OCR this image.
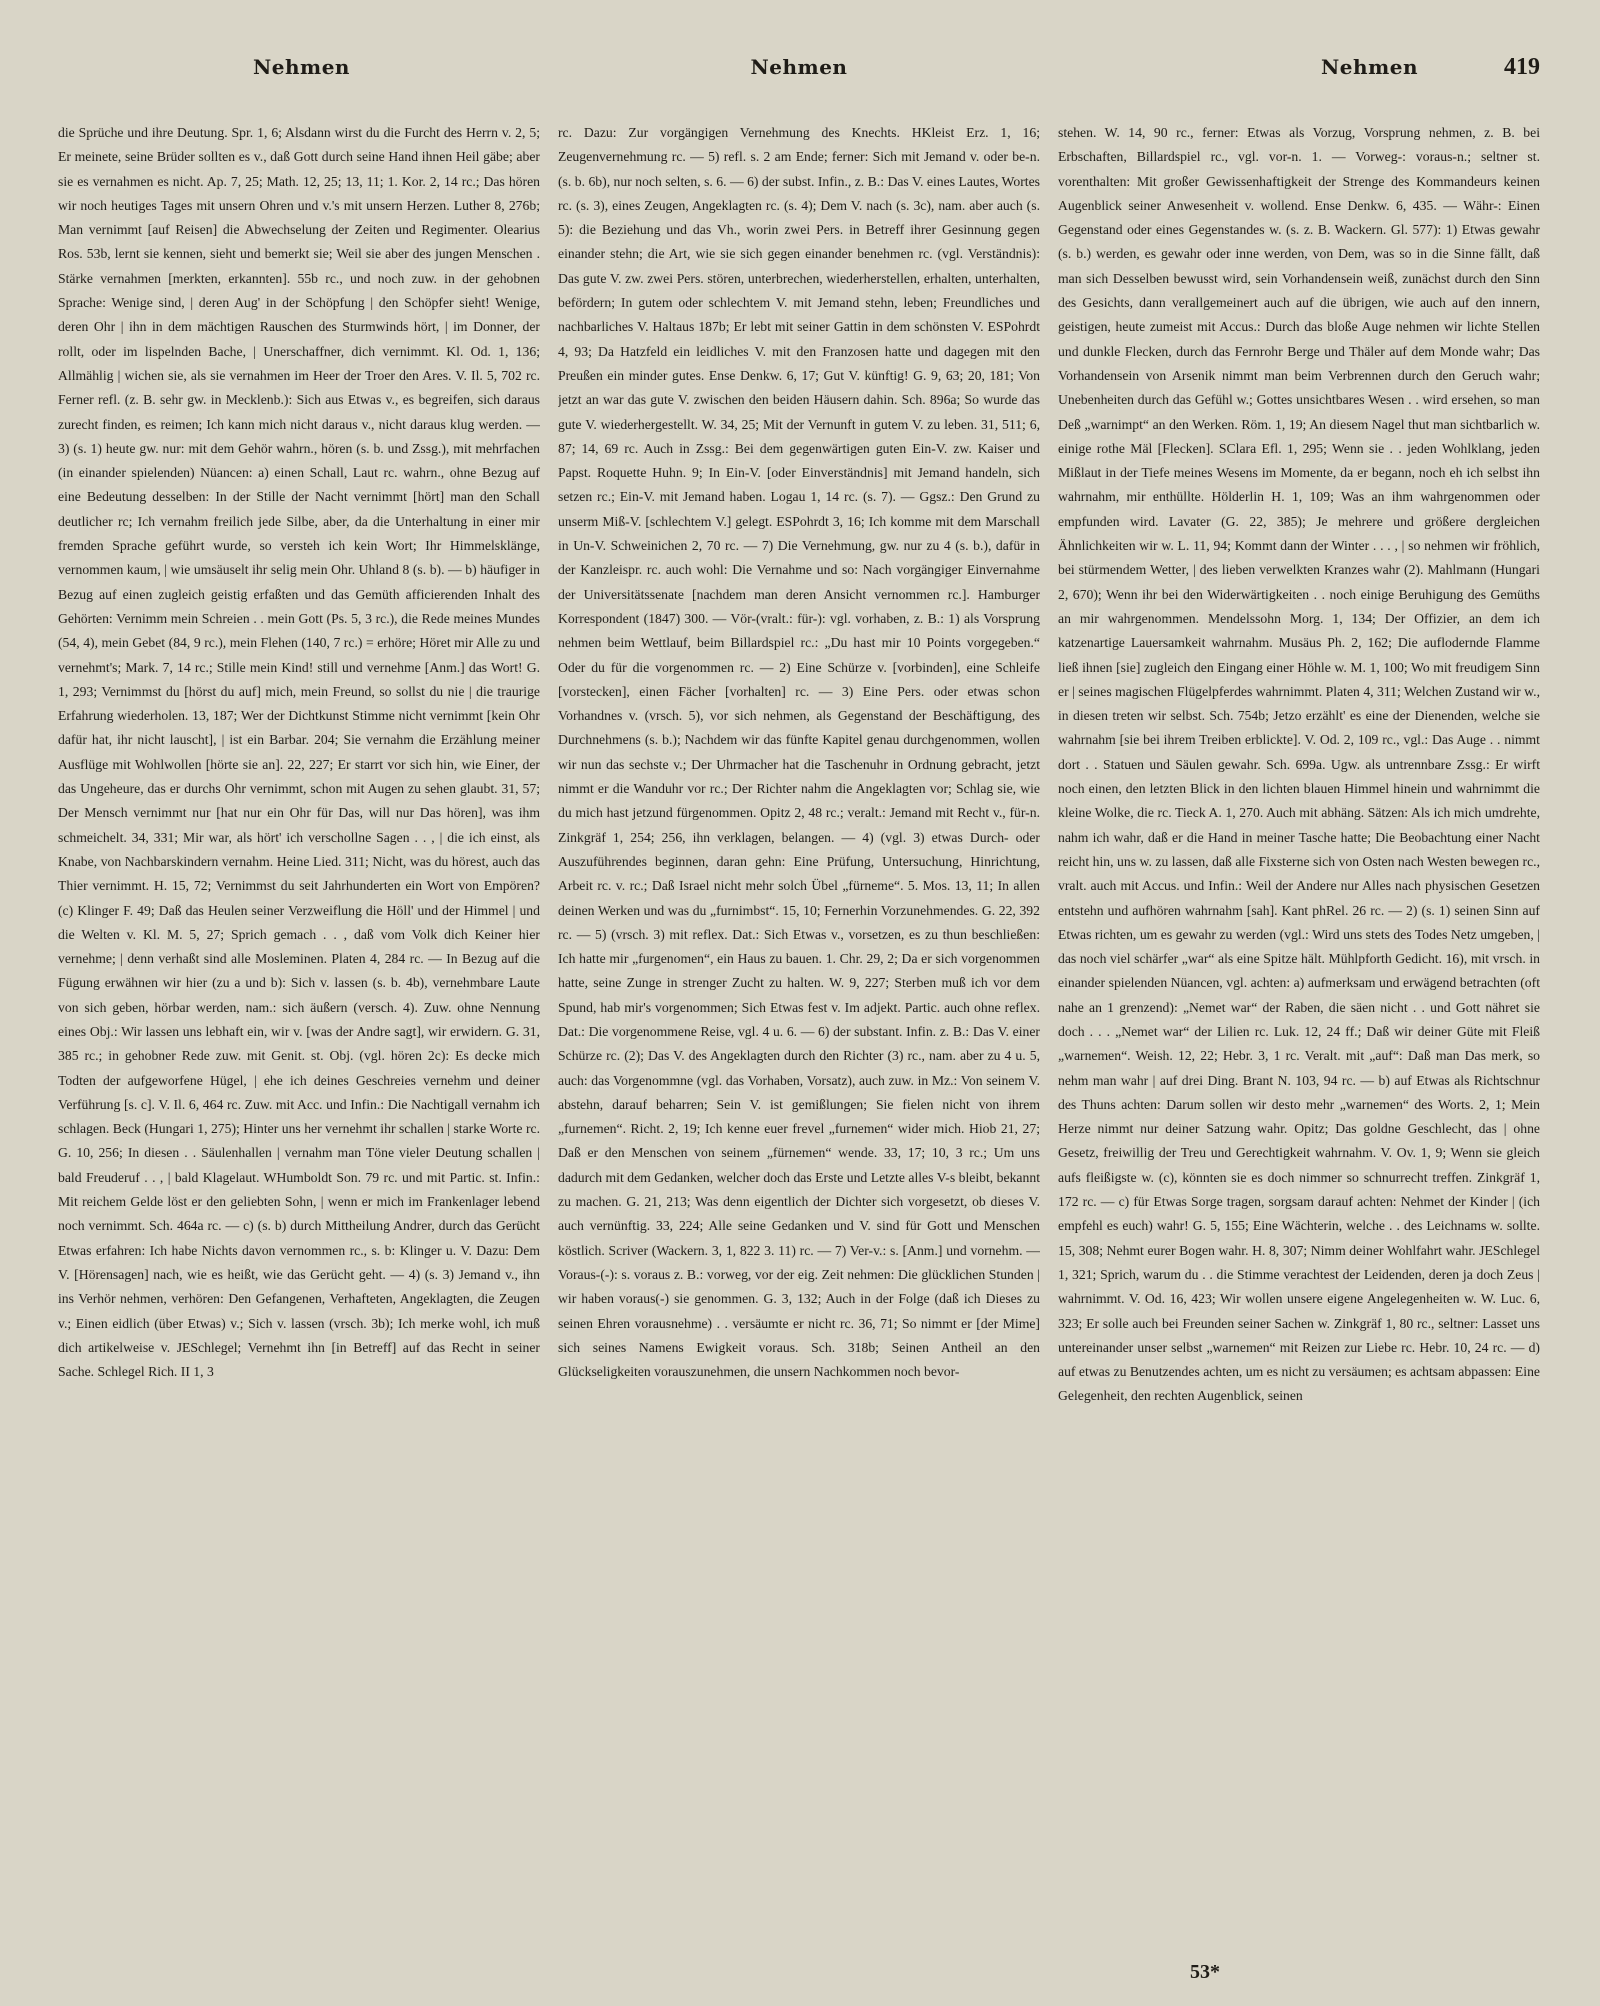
Nehmen	Nehmen	Nehmen	419

die Sprüche und ihre Deutung. Spr. 1, 6; Alsdann wirst du die Furcht des Herrn v. 2, 5; Er meinete, seine Brüder sollten es v., daß Gott durch seine Hand ihnen Heil gäbe; aber sie es vernahmen es nicht. Ap. 7, 25; Math. 12, 25; 13, 11; 1. Kor. 2, 14 rc.; Das hören wir noch heutiges Tages mit unsern Ohren und v.'s mit unsern Herzen. Luther 8, 276b; Man vernimmt [auf Reisen] die Abwechselung der Zeiten und Regimenter. Olearius Ros. 53b, lernt sie kennen, sieht und bemerkt sie; Weil sie aber des jungen Menschen . Stärke vernahmen [merkten, erkannten]. 55b rc., und noch zuw. in der gehobnen Sprache: Wenige sind, | deren Aug' in der Schöpfung | den Schöpfer sieht! Wenige, deren Ohr | ihn in dem mächtigen Rauschen des Sturmwinds hört, | im Donner, der rollt, oder im lispelnden Bache, | Unerschaffner, dich vernimmt. Kl. Od. 1, 136; Allmählig | wichen sie, als sie vernahmen im Heer der Troer den Ares. V. Il. 5, 702 rc. Ferner refl. (z. B. sehr gw. in Mecklenb.): Sich aus Etwas v., es begreifen, sich daraus zurecht finden, es reimen; Ich kann mich nicht daraus v., nicht daraus klug werden. — 3) (s. 1) heute gw. nur: mit dem Gehör wahrn., hören (s. b. und Zssg.), mit mehrfachen (in einander spielenden) Nüancen: a) einen Schall, Laut rc. wahrn., ohne Bezug auf eine Bedeutung desselben: In der Stille der Nacht vernimmt [hört] man den Schall deutlicher rc; Ich vernahm freilich jede Silbe, aber, da die Unterhaltung in einer mir fremden Sprache geführt wurde, so versteh ich kein Wort; Ihr Himmelsklänge, vernommen kaum, | wie umsäuselt ihr selig mein Ohr. Uhland 8 (s. b). — b) häufiger in Bezug auf einen zugleich geistig erfaßten und das Gemüth afficierenden Inhalt des Gehörten: Vernimm mein Schreien . . mein Gott (Ps. 5, 3 rc.), die Rede meines Mundes (54, 4), mein Gebet (84, 9 rc.), mein Flehen (140, 7 rc.) = erhöre; Höret mir Alle zu und vernehmt's; Mark. 7, 14 rc.; Stille mein Kind! still und vernehme [Anm.] das Wort! G. 1, 293; Vernimmst du [hörst du auf] mich, mein Freund, so sollst du nie | die traurige Erfahrung wiederholen. 13, 187; Wer der Dichtkunst Stimme nicht vernimmt [kein Ohr dafür hat, ihr nicht lauscht], | ist ein Barbar. 204; Sie vernahm die Erzählung meiner Ausflüge mit Wohlwollen [hörte sie an]. 22, 227; Er starrt vor sich hin, wie Einer, der das Ungeheure, das er durchs Ohr vernimmt, schon mit Augen zu sehen glaubt. 31, 57; Der Mensch vernimmt nur [hat nur ein Ohr für Das, will nur Das hören], was ihm schmeichelt. 34, 331; Mir war, als hört' ich verschollne Sagen . . , | die ich einst, als Knabe, von Nachbarskindern vernahm. Heine Lied. 311; Nicht, was du hörest, auch das Thier vernimmt. H. 15, 72; Vernimmst du seit Jahrhunderten ein Wort von Empören? (c) Klinger F. 49; Daß das Heulen seiner Verzweiflung die Höll' und der Himmel | und die Welten v. Kl. M. 5, 27; Sprich gemach . . , daß vom Volk dich Keiner hier vernehme; | denn verhaßt sind alle Mosleminen. Platen 4, 284 rc. — In Bezug auf die Fügung erwähnen wir hier (zu a und b): Sich v. lassen (s. b. 4b), vernehmbare Laute von sich geben, hörbar werden, nam.: sich äußern (versch. 4). Zuw. ohne Nennung eines Obj.: Wir lassen uns lebhaft ein, wir v. [was der Andre sagt], wir erwidern. G. 31, 385 rc.; in gehobner Rede zuw. mit Genit. st. Obj. (vgl. hören 2c): Es decke mich Todten der aufgeworfene Hügel, | ehe ich deines Geschreies vernehm und deiner Verführung [s. c]. V. Il. 6, 464 rc. Zuw. mit Acc. und Infin.: Die Nachtigall vernahm ich schlagen. Beck (Hungari 1, 275); Hinter uns her vernehmt ihr schallen | starke Worte rc. G. 10, 256; In diesen . . Säulenhallen | vernahm man Töne vieler Deutung schallen | bald Freuderuf . . , | bald Klagelaut. WHumboldt Son. 79 rc. und mit Partic. st. Infin.: Mit reichem Gelde löst er den geliebten Sohn, | wenn er mich im Frankenlager lebend noch vernimmt. Sch. 464a rc. — c) (s. b) durch Mittheilung Andrer, durch das Gerücht Etwas erfahren: Ich habe Nichts davon vernommen rc., s. b: Klinger u. V. Dazu: Dem V. [Hörensagen] nach, wie es heißt, wie das Gerücht geht. — 4) (s. 3) Jemand v., ihn ins Verhör nehmen, verhören: Den Gefangenen, Verhafteten, Angeklagten, die Zeugen v.; Einen eidlich (über Etwas) v.; Sich v. lassen (vrsch. 3b); Ich merke wohl, ich muß dich artikelweise v. JESchlegel; Vernehmt ihn [in Betreff] auf das Recht in seiner Sache. Schlegel Rich. II 1, 3

rc. Dazu: Zur vorgängigen Vernehmung des Knechts. HKleist Erz. 1, 16; Zeugenvernehmung rc. — 5) refl. s. 2 am Ende; ferner: Sich mit Jemand v. oder be-n. (s. b. 6b), nur noch selten, s. 6. — 6) der subst. Infin., z. B.: Das V. eines Lautes, Wortes rc. (s. 3), eines Zeugen, Angeklagten rc. (s. 4); Dem V. nach (s. 3c), nam. aber auch (s. 5): die Beziehung und das Vh., worin zwei Pers. in Betreff ihrer Gesinnung gegen einander stehn; die Art, wie sie sich gegen einander benehmen rc. (vgl. Verständnis): Das gute V. zw. zwei Pers. stören, unterbrechen, wiederherstellen, erhalten, unterhalten, befördern; In gutem oder schlechtem V. mit Jemand stehn, leben; Freundliches und nachbarliches V. Haltaus 187b; Er lebt mit seiner Gattin in dem schönsten V. ESPohrdt 4, 93; Da Hatzfeld ein leidliches V. mit den Franzosen hatte und dagegen mit den Preußen ein minder gutes. Ense Denkw. 6, 17; Gut V. künftig! G. 9, 63; 20, 181; Von jetzt an war das gute V. zwischen den beiden Häusern dahin. Sch. 896a; So wurde das gute V. wiederhergestellt. W. 34, 25; Mit der Vernunft in gutem V. zu leben. 31, 511; 6, 87; 14, 69 rc. Auch in Zssg.: Bei dem gegenwärtigen guten Ein-V. zw. Kaiser und Papst. Roquette Huhn. 9; In Ein-V. [oder Einverständnis] mit Jemand handeln, sich setzen rc.; Ein-V. mit Jemand haben. Logau 1, 14 rc. (s. 7). — Ggsz.: Den Grund zu unserm Miß-V. [schlechtem V.] gelegt. ESPohrdt 3, 16; Ich komme mit dem Marschall in Un-V. Schweinichen 2, 70 rc. — 7) Die Vernehmung, gw. nur zu 4 (s. b.), dafür in der Kanzleispr. rc. auch wohl: Die Vernahme und so: Nach vorgängiger Einvernahme der Universitätssenate [nachdem man deren Ansicht vernommen rc.]. Hamburger Korrespondent (1847) 300. — Vör-(vralt.: für-): vgl. vorhaben, z. B.: 1) als Vorsprung nehmen beim Wettlauf, beim Billardspiel rc.: „Du hast mir 10 Points vorgegeben.“ Oder du für die vorgenommen rc. — 2) Eine Schürze v. [vorbinden], eine Schleife [vorstecken], einen Fächer [vorhalten] rc. — 3) Eine Pers. oder etwas schon Vorhandnes v. (vrsch. 5), vor sich nehmen, als Gegenstand der Beschäftigung, des Durchnehmens (s. b.); Nachdem wir das fünfte Kapitel genau durchgenommen, wollen wir nun das sechste v.; Der Uhrmacher hat die Taschenuhr in Ordnung gebracht, jetzt nimmt er die Wanduhr vor rc.; Der Richter nahm die Angeklagten vor; Schlag sie, wie du mich hast jetzund fürgenommen. Opitz 2, 48 rc.; veralt.: Jemand mit Recht v., für-n. Zinkgräf 1, 254; 256, ihn verklagen, belangen. — 4) (vgl. 3) etwas Durch- oder Auszuführendes beginnen, daran gehn: Eine Prüfung, Untersuchung, Hinrichtung, Arbeit rc. v. rc.; Daß Israel nicht mehr solch Übel „fürneme“. 5. Mos. 13, 11; In allen deinen Werken und was du „furnimbst“. 15, 10; Fernerhin Vorzunehmendes. G. 22, 392 rc. — 5) (vrsch. 3) mit reflex. Dat.: Sich Etwas v., vorsetzen, es zu thun beschließen: Ich hatte mir „furgenomen“, ein Haus zu bauen. 1. Chr. 29, 2; Da er sich vorgenommen hatte, seine Zunge in strenger Zucht zu halten. W. 9, 227; Sterben muß ich vor dem Spund, hab mir's vorgenommen; Sich Etwas fest v. Im adjekt. Partic. auch ohne reflex. Dat.: Die vorgenommene Reise, vgl. 4 u. 6. — 6) der substant. Infin. z. B.: Das V. einer Schürze rc. (2); Das V. des Angeklagten durch den Richter (3) rc., nam. aber zu 4 u. 5, auch: das Vorgenommne (vgl. das Vorhaben, Vorsatz), auch zuw. in Mz.: Von seinem V. abstehn, darauf beharren; Sein V. ist gemißlungen; Sie fielen nicht von ihrem „furnemen“. Richt. 2, 19; Ich kenne euer frevel „furnemen“ wider mich. Hiob 21, 27; Daß er den Menschen von seinem „fürnemen“ wende. 33, 17; 10, 3 rc.; Um uns dadurch mit dem Gedanken, welcher doch das Erste und Letzte alles V-s bleibt, bekannt zu machen. G. 21, 213; Was denn eigentlich der Dichter sich vorgesetzt, ob dieses V. auch vernünftig. 33, 224; Alle seine Gedanken und V. sind für Gott und Menschen köstlich. Scriver (Wackern. 3, 1, 822 3. 11) rc. — 7) Ver-v.: s. [Anm.] und vornehm. — Voraus-(-): s. voraus z. B.: vorweg, vor der eig. Zeit nehmen: Die glücklichen Stunden | wir haben voraus(-) sie genommen. G. 3, 132; Auch in der Folge (daß ich Dieses zu seinen Ehren vorausnehme) . . versäumte er nicht rc. 36, 71; So nimmt er [der Mime] sich seines Namens Ewigkeit voraus. Sch. 318b; Seinen Antheil an den Glückseligkeiten vorauszunehmen, die unsern Nachkommen noch bevor-

stehen. W. 14, 90 rc., ferner: Etwas als Vorzug, Vorsprung nehmen, z. B. bei Erbschaften, Billardspiel rc., vgl. vor-n. 1. — Vorweg-: voraus-n.; seltner st. vorenthalten: Mit großer Gewissenhaftigkeit der Strenge des Kommandeurs keinen Augenblick seiner Anwesenheit v. wollend. Ense Denkw. 6, 435. — Währ-: Einen Gegenstand oder eines Gegenstandes w. (s. z. B. Wackern. Gl. 577): 1) Etwas gewahr (s. b.) werden, es gewahr oder inne werden, von Dem, was so in die Sinne fällt, daß man sich Desselben bewusst wird, sein Vorhandensein weiß, zunächst durch den Sinn des Gesichts, dann verallgemeinert auch auf die übrigen, wie auch auf den innern, geistigen, heute zumeist mit Accus.: Durch das bloße Auge nehmen wir lichte Stellen und dunkle Flecken, durch das Fernrohr Berge und Thäler auf dem Monde wahr; Das Vorhandensein von Arsenik nimmt man beim Verbrennen durch den Geruch wahr; Unebenheiten durch das Gefühl w.; Gottes unsichtbares Wesen . . wird ersehen, so man Deß „warnimpt“ an den Werken. Röm. 1, 19; An diesem Nagel thut man sichtbarlich w. einige rothe Mäl [Flecken]. SClara Efl. 1, 295; Wenn sie . . jeden Wohlklang, jeden Mißlaut in der Tiefe meines Wesens im Momente, da er begann, noch eh ich selbst ihn wahrnahm, mir enthüllte. Hölderlin H. 1, 109; Was an ihm wahrgenommen oder empfunden wird. Lavater (G. 22, 385); Je mehrere und größere dergleichen Ähnlichkeiten wir w. L. 11, 94; Kommt dann der Winter . . . , | so nehmen wir fröhlich, bei stürmendem Wetter, | des lieben verwelkten Kranzes wahr (2). Mahlmann (Hungari 2, 670); Wenn ihr bei den Widerwärtigkeiten . . noch einige Beruhigung des Gemüths an mir wahrgenommen. Mendelssohn Morg. 1, 134; Der Offizier, an dem ich katzenartige Lauersamkeit wahrnahm. Musäus Ph. 2, 162; Die auflodernde Flamme ließ ihnen [sie] zugleich den Eingang einer Höhle w. M. 1, 100; Wo mit freudigem Sinn er | seines magischen Flügelpferdes wahrnimmt. Platen 4, 311; Welchen Zustand wir w., in diesen treten wir selbst. Sch. 754b; Jetzo erzählt' es eine der Dienenden, welche sie wahrnahm [sie bei ihrem Treiben erblickte]. V. Od. 2, 109 rc., vgl.: Das Auge . . nimmt dort . . Statuen und Säulen gewahr. Sch. 699a. Ugw. als untrennbare Zssg.: Er wirft noch einen, den letzten Blick in den lichten blauen Himmel hinein und wahrnimmt die kleine Wolke, die rc. Tieck A. 1, 270. Auch mit abhäng. Sätzen: Als ich mich umdrehte, nahm ich wahr, daß er die Hand in meiner Tasche hatte; Die Beobachtung einer Nacht reicht hin, uns w. zu lassen, daß alle Fixsterne sich von Osten nach Westen bewegen rc., vralt. auch mit Accus. und Infin.: Weil der Andere nur Alles nach physischen Gesetzen entstehn und aufhören wahrnahm [sah]. Kant phRel. 26 rc. — 2) (s. 1) seinen Sinn auf Etwas richten, um es gewahr zu werden (vgl.: Wird uns stets des Todes Netz umgeben, | das noch viel schärfer „war“ als eine Spitze hält. Mühlpforth Gedicht. 16), mit vrsch. in einander spielenden Nüancen, vgl. achten: a) aufmerksam und erwägend betrachten (oft nahe an 1 grenzend): „Nemet war“ der Raben, die säen nicht . . und Gott nähret sie doch . . . „Nemet war“ der Lilien rc. Luk. 12, 24 ff.; Daß wir deiner Güte mit Fleiß „warnemen“. Weish. 12, 22; Hebr. 3, 1 rc. Veralt. mit „auf“: Daß man Das merk, so nehm man wahr | auf drei Ding. Brant N. 103, 94 rc. — b) auf Etwas als Richtschnur des Thuns achten: Darum sollen wir desto mehr „warnemen“ des Worts. 2, 1; Mein Herze nimmt nur deiner Satzung wahr. Opitz; Das goldne Geschlecht, das | ohne Gesetz, freiwillig der Treu und Gerechtigkeit wahrnahm. V. Ov. 1, 9; Wenn sie gleich aufs fleißigste w. (c), könnten sie es doch nimmer so schnurrecht treffen. Zinkgräf 1, 172 rc. — c) für Etwas Sorge tragen, sorgsam darauf achten: Nehmet der Kinder | (ich empfehl es euch) wahr! G. 5, 155; Eine Wächterin, welche . . des Leichnams w. sollte. 15, 308; Nehmt eurer Bogen wahr. H. 8, 307; Nimm deiner Wohlfahrt wahr. JESchlegel 1, 321; Sprich, warum du . . die Stimme verachtest der Leidenden, deren ja doch Zeus | wahrnimmt. V. Od. 16, 423; Wir wollen unsere eigene Angelegenheiten w. W. Luc. 6, 323; Er solle auch bei Freunden seiner Sachen w. Zinkgräf 1, 80 rc., seltner: Lasset uns untereinander unser selbst „warnemen“ mit Reizen zur Liebe rc. Hebr. 10, 24 rc. — d) auf etwas zu Benutzendes achten, um es nicht zu versäumen; es achtsam abpassen: Eine Gelegenheit, den rechten Augenblick, seinen

53*
